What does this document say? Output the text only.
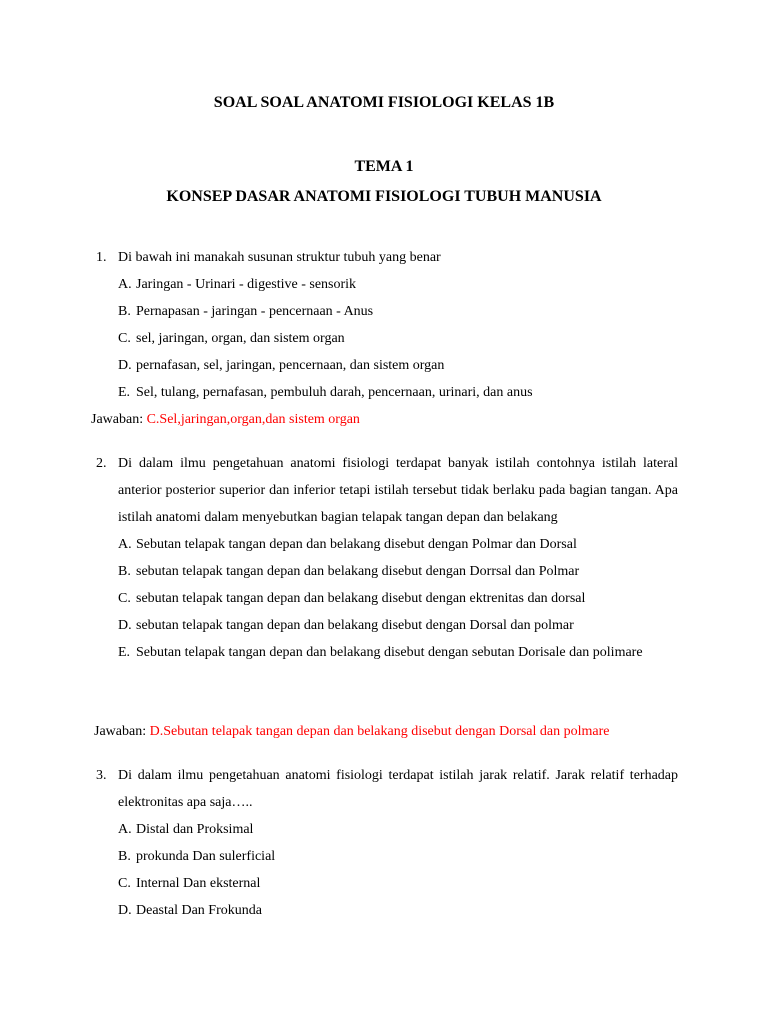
SOAL SOAL ANATOMI FISIOLOGI KELAS 1B
TEMA 1
KONSEP DASAR ANATOMI FISIOLOGI TUBUH MANUSIA
1. Di bawah ini manakah susunan struktur tubuh yang benar
A. Jaringan - Urinari - digestive - sensorik
B. Pernapasan - jaringan - pencernaan - Anus
C. sel, jaringan, organ, dan sistem organ
D. pernafasan, sel, jaringan, pencernaan, dan sistem organ
E. Sel, tulang, pernafasan, pembuluh darah, pencernaan, urinari, dan anus
Jawaban: C.Sel,jaringan,organ,dan sistem organ
2. Di dalam ilmu pengetahuan anatomi fisiologi terdapat banyak istilah contohnya istilah lateral anterior posterior superior dan inferior tetapi istilah tersebut tidak berlaku pada bagian tangan. Apa istilah anatomi dalam menyebutkan bagian telapak tangan depan dan belakang
A. Sebutan telapak tangan depan dan belakang disebut dengan Polmar dan Dorsal
B. sebutan telapak tangan depan dan belakang disebut dengan Dorrsal dan Polmar
C. sebutan telapak tangan depan dan belakang disebut dengan ektrenitas dan dorsal
D. sebutan telapak tangan depan dan belakang disebut dengan Dorsal dan polmar
E. Sebutan telapak tangan depan dan belakang disebut dengan sebutan Dorisale dan polimare
Jawaban: D.Sebutan telapak tangan depan dan belakang disebut dengan Dorsal dan polmare
3. Di dalam ilmu pengetahuan anatomi fisiologi terdapat istilah jarak relatif. Jarak relatif terhadap elektronitas apa saja…..
A. Distal dan Proksimal
B. prokunda Dan sulerficial
C. Internal Dan eksternal
D. Deastal Dan Frokunda
